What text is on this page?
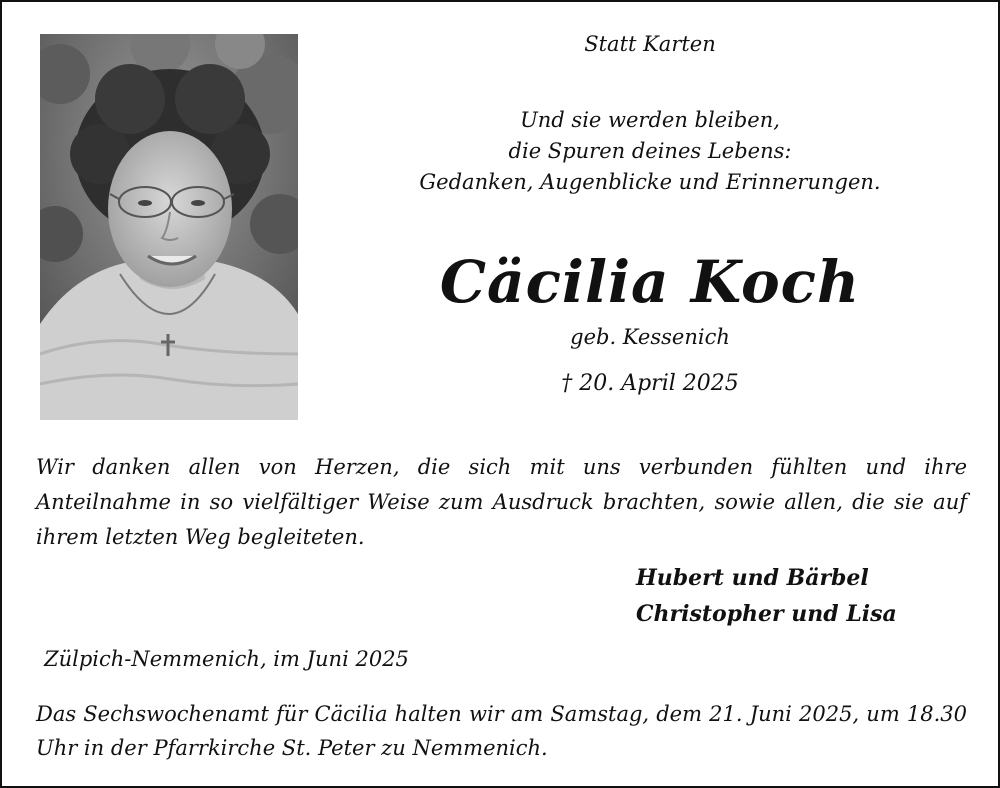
Statt Karten
Und sie werden bleiben,
die Spuren deines Lebens:
Gedanken, Augenblicke und Erinnerungen.
Cäcilia Koch
geb. Kessenich
† 20. April 2025
Wir danken allen von Herzen, die sich mit uns verbunden fühlten und ihre Anteilnahme in so vielfältiger Weise zum Ausdruck brachten, sowie allen, die sie auf ihrem letzten Weg begleiteten.
Hubert und Bärbel
Christopher und Lisa
Zülpich-Nemmenich, im Juni 2025
Das Sechswochenamt für Cäcilia halten wir am Samstag, dem 21. Juni 2025, um 18.30 Uhr in der Pfarrkirche St. Peter zu Nemmenich.
